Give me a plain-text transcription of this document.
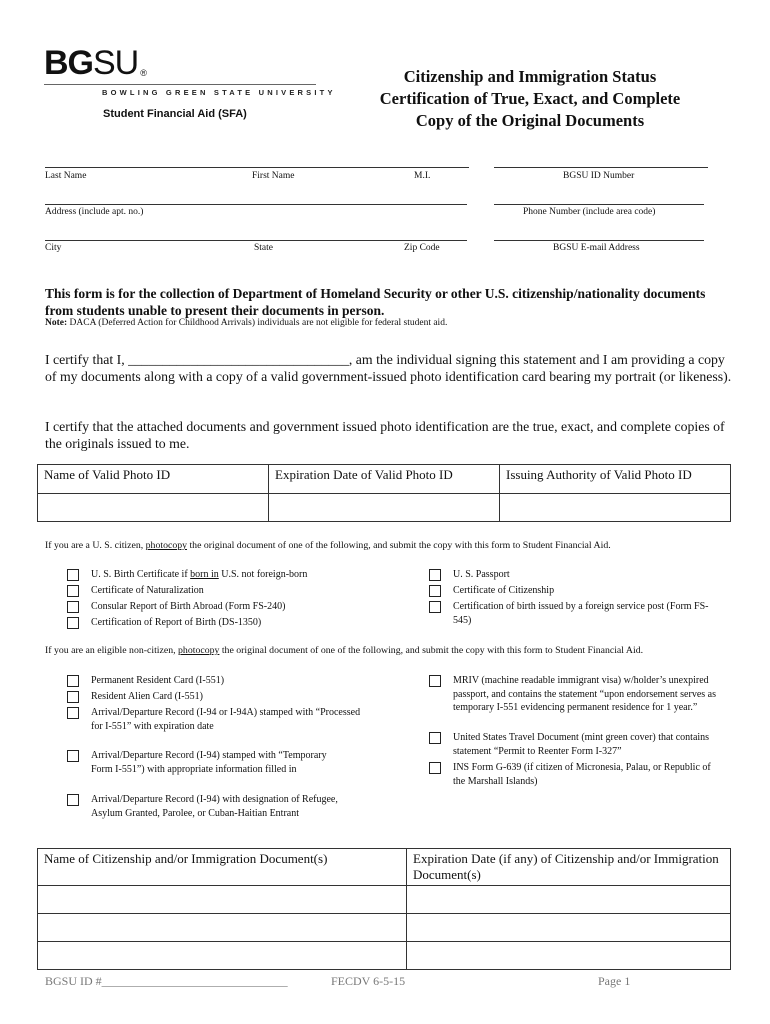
BGSU $_®$
BOWLING GREEN STATE UNIVERSITY
Student Financial Aid (SFA)
Citizenship and Immigration Status
Certification of True, Exact, and Complete
Copy of the Original Documents
Last Name	First Name	M.I.	BGSU ID Number
Address (include apt. no.)	Phone Number (include area code)
City	State	Zip Code	BGSU E-mail Address
This form is for the collection of Department of Homeland Security or other U.S. citizenship/nationality documents from students unable to present their documents in person.
Note: DACA (Deferred Action for Childhood Arrivals) individuals are not eligible for federal student aid.
I certify that I, ________________________________, am the individual signing this statement and I am providing a copy of my documents along with a copy of a valid government-issued photo identification card bearing my portrait (or likeness).
I certify that the attached documents and government issued photo identification are the true, exact, and complete copies of the originals issued to me.
Name of Valid Photo ID	Expiration Date of Valid Photo ID	Issuing Authority of Valid Photo ID

If you are a U. S. citizen, photocopy the original document of one of the following, and submit the copy with this form to Student Financial Aid.
U. S. Birth Certificate if born in U.S. not foreign-born
Certificate of Naturalization
Consular Report of Birth Abroad (Form FS-240)
Certification of Report of Birth (DS-1350)
U. S. Passport
Certificate of Citizenship
Certification of birth issued by a foreign service post (Form FS-545)
If you are an eligible non-citizen, photocopy the original document of one of the following, and submit the copy with this form to Student Financial Aid.
Permanent Resident Card (I-551)
Resident Alien Card (I-551)
Arrival/Departure Record (I-94 or I-94A) stamped with “Processed for I-551” with expiration date
Arrival/Departure Record (I-94) stamped with “Temporary Form I-551”) with appropriate information filled in
Arrival/Departure Record (I-94) with designation of Refugee, Asylum Granted, Parolee, or Cuban-Haitian Entrant
MRIV (machine readable immigrant visa) w/holder’s unexpired passport, and contains the statement “upon endorsement serves as temporary I-551 evidencing permanent residence for 1 year.”
United States Travel Document (mint green cover) that contains statement “Permit to Reenter Form I-327”
INS Form G-639 (if citizen of Micronesia, Palau, or Republic of the Marshall Islands)
Name of Citizenship and/or Immigration Document(s)	Expiration Date (if any) of Citizenship and/or Immigration Document(s)

BGSU ID #_______________________________	FECDV 6-5-15	Page 1
